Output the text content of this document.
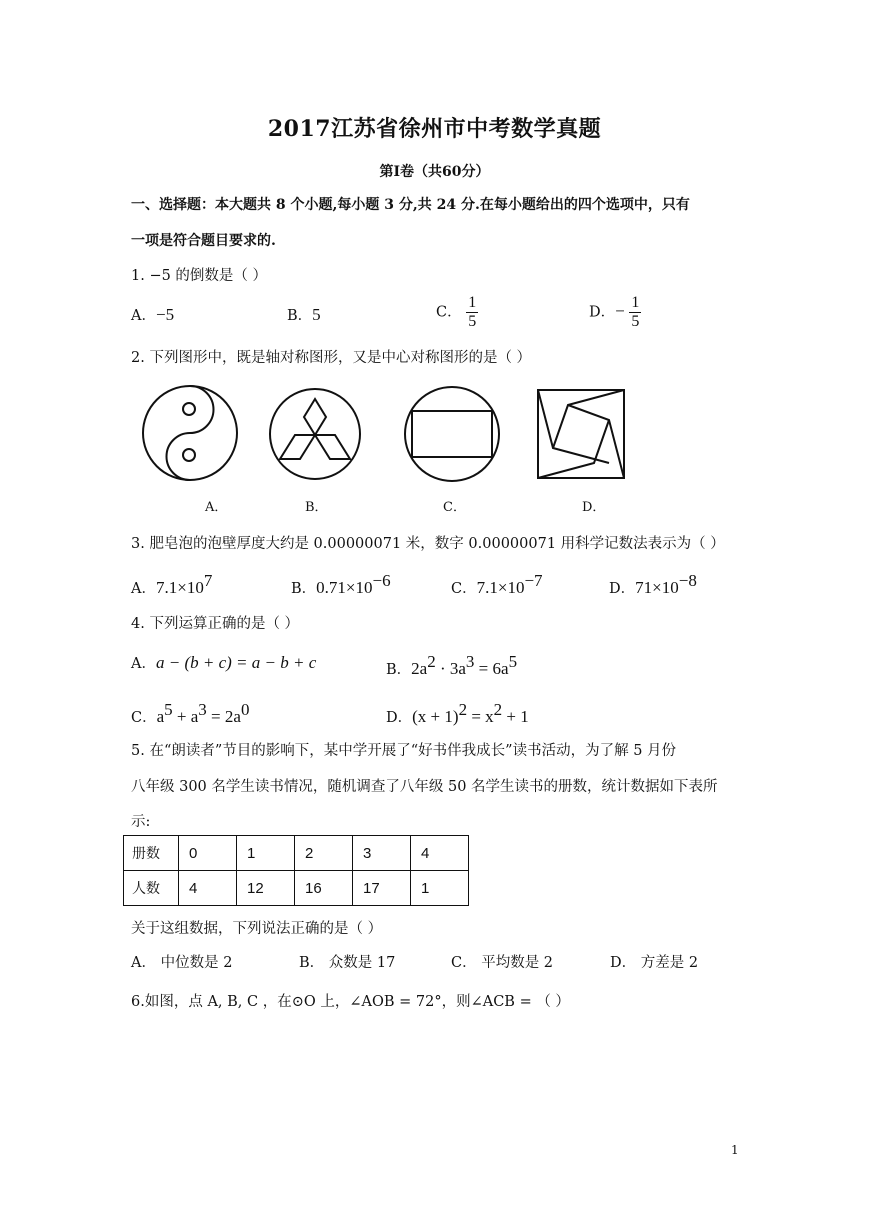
2017江苏省徐州市中考数学真题
第Ⅰ卷（共60分）
一、选择题：本大题共 8 个小题,每小题 3 分,共 24 分.在每小题给出的四个选项中，只有
一项是符合题目要求的.
1. −5 的倒数是（ ）
A．−5	B．5	C． $\frac{1}{5}$	D．− $\frac{1}{5}$
2. 下列图形中，既是轴对称图形，又是中心对称图形的是（ ）
A．	B．	C．	D．
3. 肥皂泡的泡壁厚度大约是 0.00000071 米，数字 0.00000071 用科学记数法表示为（ ）
A．$7.1\times 10^7$	B．$0.71\times 10^{-6}$	C．$7.1\times 10^{-7}$	D．$71\times 10^{-8}$
4. 下列运算正确的是（ ）
A．a − (b + c) = a − b + c	B．$2a^2 \cdot 3a^3 = 6a^5$
C．$a^5 + a^3 = 2a^0$	D．$(x + 1)^2 = x^2 + 1$
5. 在“朗读者”节目的影响下，某中学开展了“好书伴我成长”读书活动，为了解 5 月份
八年级 300 名学生读书情况，随机调查了八年级 50 名学生读书的册数，统计数据如下表所
示:
册数	0	1	2	3	4
人数	4	12	16	17	1
关于这组数据，下列说法正确的是（ ）
A． 中位数是 2	B． 众数是 17	C． 平均数是 2	D． 方差是 2
6.如图，点 A, B, C ，在⊙O 上，∠AOB = 72°，则∠ACB = （ ）
1
